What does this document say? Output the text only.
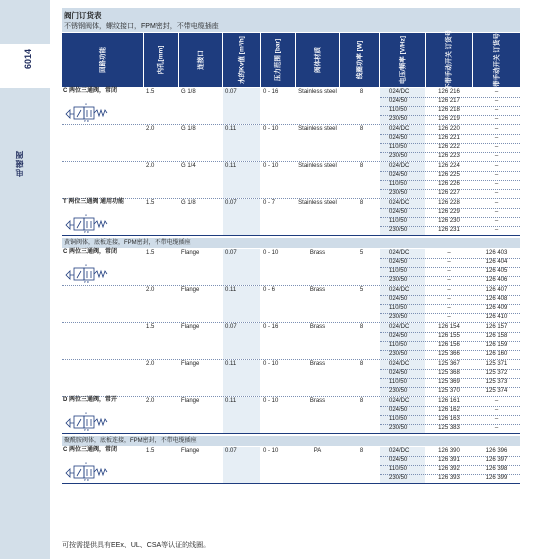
6014
电磁阀
阀门订货表
不锈钢阀体，螺纹接口，FPM密封，不带电缆插座
回路功能	内孔[mm]	连接口	水的Kv值 [m³/h]	压力范围 [bar]	阀体材质	线圈功率 [W]	电压/频率 [V/Hz]	不带手动开关 订货号	带手动开关 订货号
C 两位三通阀，常闭
A
P R
1.5	G 1/8	0.07	0 - 16	Stainless steel	8	024/DC	126 216	–
024/50	126 217	–
110/50	126 218	–
230/50	126 219	–
2.0	G 1/8	0.11	0 - 10	Stainless steel	8	024/DC	126 220	–
024/50	126 221	–
110/50	126 222	–
230/50	126 223	–
2.0	G 1/4	0.11	0 - 10	Stainless steel	8	024/DC	126 224	–
024/50	126 225	–
110/50	126 226	–
230/50	126 227	–
T 两位三通阀 通用功能
A
P R
1.5	G 1/8	0.07	0 - 7	Stainless steel	8	024/DC	126 228	–
024/50	126 229	–
110/50	126 230	–
230/50	126 231	–
黄铜阀体，底板连接，FPM密封，不带电缆插座
C 两位三通阀，常闭
A
P R
1.5	Flange	0.07	0 - 10	Brass	5	024/DC	–	126 403
024/50	–	126 404
110/50	–	126 405
230/50	–	126 406
2.0	Flange	0.11	0 - 6	Brass	5	024/DC	–	126 407
024/50	–	126 408
110/50	–	126 409
230/50	–	126 410
1.5	Flange	0.07	0 - 16	Brass	8	024/DC	126 154	126 157
024/50	126 155	126 158
110/50	126 156	126 159
230/50	125 366	126 160
2.0	Flange	0.11	0 - 10	Brass	8	024/DC	125 367	125 371
024/50	125 368	125 372
110/50	125 369	125 373
230/50	125 370	125 374
D 两位三通阀，常开
A
P R
2.0	Flange	0.11	0 - 10	Brass	8	024/DC	126 161	–
024/50	126 162	–
110/50	126 163	–
230/50	125 383	–
聚酰胺阀体，底板连接，FPM密封，不带电缆插座
C 两位三通阀，常闭
A
P R
1.5	Flange	0.07	0 - 10	PA	8	024/DC	126 390	126 396
024/50	126 391	126 397
110/50	126 392	126 398
230/50	126 393	126 399
可按需提供具有EEx、UL、CSA等认证的线圈。
